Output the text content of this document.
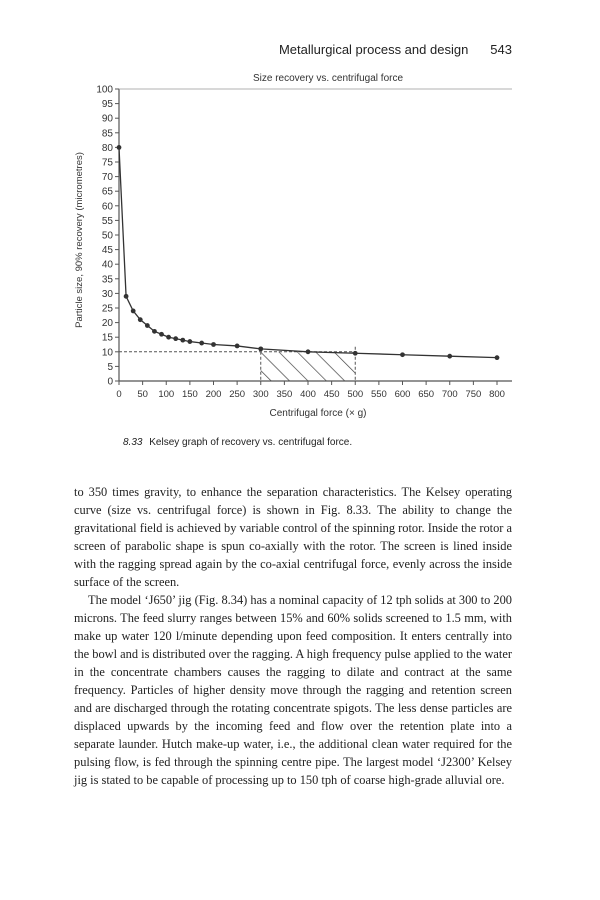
Metallurgical process and design 543
Size recovery vs. centrifugal force
0
5
10
15
20
25
30
35
40
45
50
55
60
65
70
75
80
85
90
95
100
0 50 100 150 200 250 300 350 400 450 500 550 600 650 700 750 800
Centrifugal force (× g)
Particle size, 90% recovery (micrometres)
8.33 Kelsey graph of recovery vs. centrifugal force.

to 350 times gravity, to enhance the separation characteristics. The Kelsey operating curve (size vs. centrifugal force) is shown in Fig. 8.33. The ability to change the gravitational field is achieved by variable control of the spinning rotor. Inside the rotor a screen of parabolic shape is spun co-axially with the rotor. The screen is lined inside with the ragging spread again by the co-axial centrifugal force, evenly across the inside surface of the screen.

The model ‘J650’ jig (Fig. 8.34) has a nominal capacity of 12 tph solids at 300 to 200 microns. The feed slurry ranges between 15% and 60% solids screened to 1.5 mm, with make up water 120 l/minute depending upon feed composition. It enters centrally into the bowl and is distributed over the ragging. A high frequency pulse applied to the water in the concentrate chambers causes the ragging to dilate and contract at the same frequency. Particles of higher density move through the ragging and retention screen and are discharged through the rotating concentrate spigots. The less dense particles are displaced upwards by the incoming feed and flow over the retention plate into a separate launder. Hutch make-up water, i.e., the additional clean water required for the pulsing flow, is fed through the spinning centre pipe. The largest model ‘J2300’ Kelsey jig is stated to be capable of processing up to 150 tph of coarse high-grade alluvial ore.
